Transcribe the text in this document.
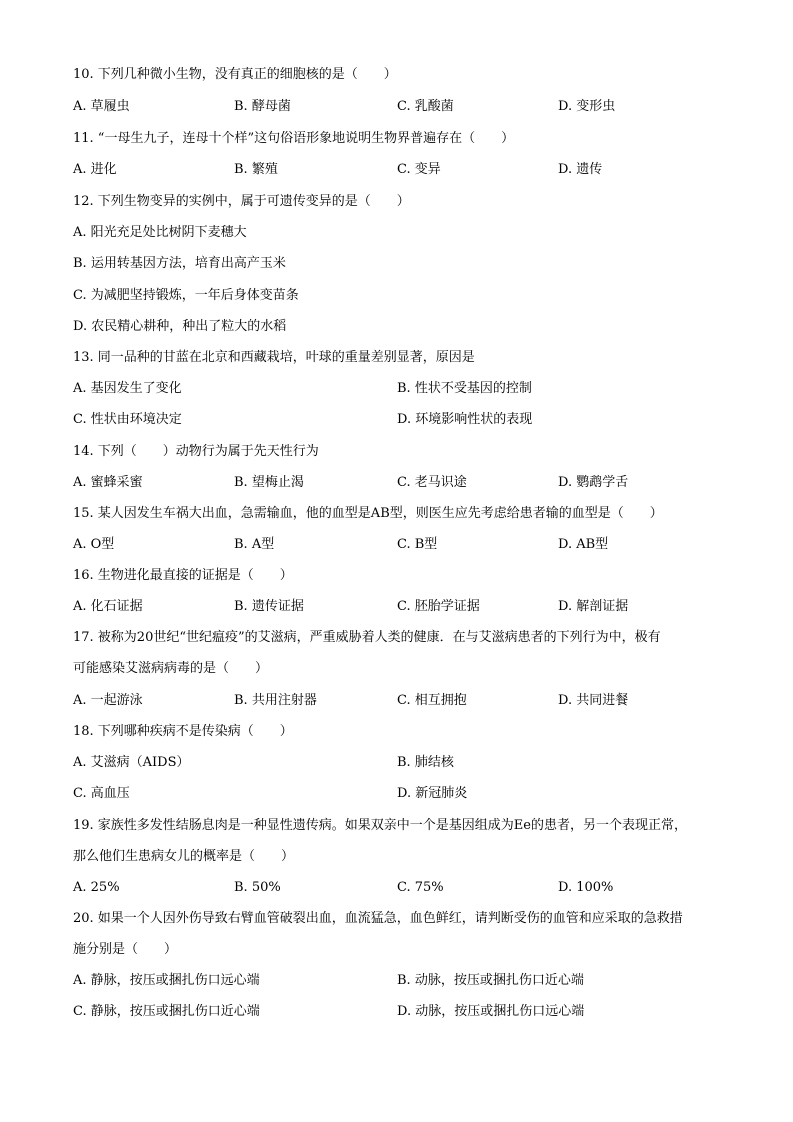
10. 下列几种微小生物，没有真正的细胞核的是（　　）
A. 草履虫	B. 酵母菌	C. 乳酸菌	D. 变形虫
11. “一母生九子，连母十个样”这句俗语形象地说明生物界普遍存在（　　）
A. 进化	B. 繁殖	C. 变异	D. 遗传
12. 下列生物变异的实例中，属于可遗传变异的是（　　）
A. 阳光充足处比树阴下麦穗大
B. 运用转基因方法，培育出高产玉米
C. 为减肥坚持锻炼，一年后身体变苗条
D. 农民精心耕种，种出了粒大的水稻
13. 同一品种的甘蓝在北京和西藏栽培，叶球的重量差别显著，原因是
A. 基因发生了变化	B. 性状不受基因的控制
C. 性状由环境决定	D. 环境影响性状的表现
14. 下列（　　）动物行为属于先天性行为
A. 蜜蜂采蜜	B. 望梅止渴	C. 老马识途	D. 鹦鹉学舌
15. 某人因发生车祸大出血，急需输血，他的血型是AB型，则医生应先考虑给患者输的血型是（　　）
A. O型	B. A型	C. B型	D. AB型
16. 生物进化最直接的证据是（　　）
A. 化石证据	B. 遗传证据	C. 胚胎学证据	D. 解剖证据
17. 被称为20世纪“世纪瘟疫”的艾滋病，严重威胁着人类的健康．在与艾滋病患者的下列行为中，极有
可能感染艾滋病病毒的是（　　）
A. 一起游泳	B. 共用注射器	C. 相互拥抱	D. 共同进餐
18. 下列哪种疾病不是传染病（　　）
A. 艾滋病（AIDS）	B. 肺结核
C. 高血压	D. 新冠肺炎
19. 家族性多发性结肠息肉是一种显性遗传病。如果双亲中一个是基因组成为Ee的患者，另一个表现正常，
那么他们生患病女儿的概率是（　　）
A. 25%	B. 50%	C. 75%	D. 100%
20. 如果一个人因外伤导致右臂血管破裂出血，血流猛急，血色鲜红，请判断受伤的血管和应采取的急救措
施分别是（　　）
A. 静脉，按压或捆扎伤口远心端	B. 动脉，按压或捆扎伤口近心端
C. 静脉，按压或捆扎伤口近心端	D. 动脉，按压或捆扎伤口远心端
